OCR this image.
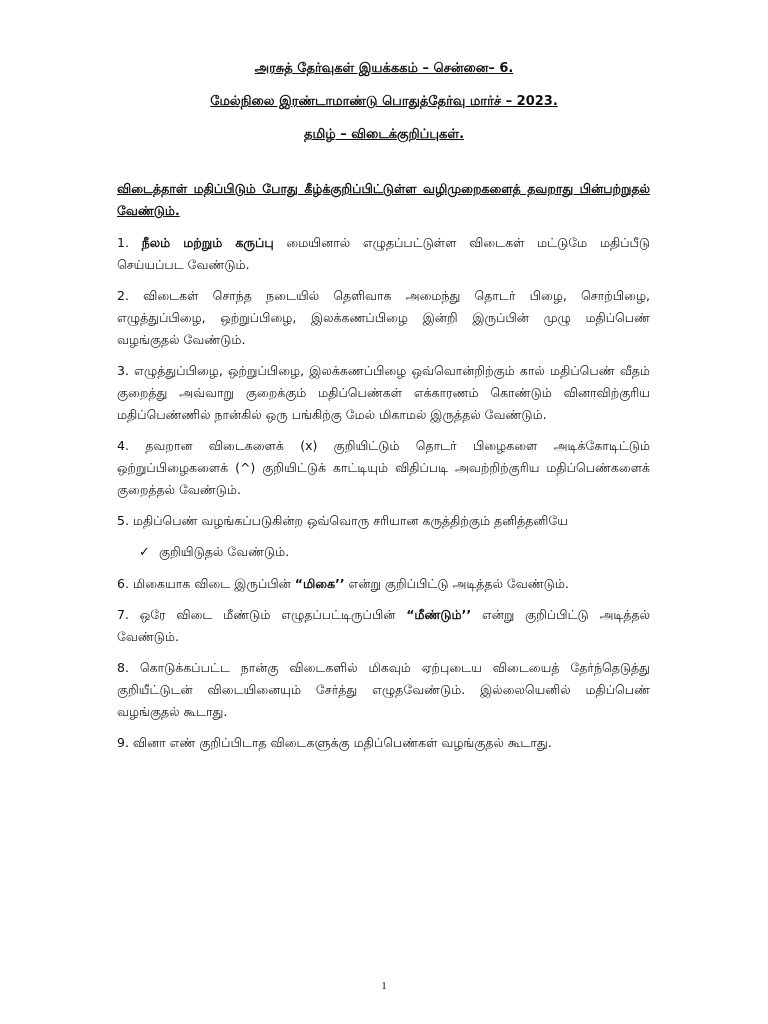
அரசுத் தேர்வுகள் இயக்ககம் – சென்னை– 6.

மேல்நிலை இரண்டாமாண்டு பொதுத்தேர்வு மார்ச் – 2023.

தமிழ் – விடைக்குறிப்புகள்.

விடைத்தாள் மதிப்பிடும் போது கீழ்க்குறிப்பிட்டுள்ள வழிமுறைகளைத் தவறாது பின்பற்றுதல் வேண்டும்.

1. நீலம் மற்றும் கருப்பு மையினால் எழுதப்பட்டுள்ள விடைகள் மட்டுமே மதிப்பீடு செய்யப்பட வேண்டும்.

2. விடைகள் சொந்த நடையில் தெளிவாக அமைந்து தொடர் பிழை, சொற்பிழை, எழுத்துப்பிழை, ஒற்றுப்பிழை, இலக்கணப்பிழை இன்றி இருப்பின் முழு மதிப்பெண் வழங்குதல் வேண்டும்.

3. எழுத்துப்பிழை, ஒற்றுப்பிழை, இலக்கணப்பிழை ஒவ்வொன்றிற்கும் கால் மதிப்பெண் வீதம் குறைத்து அவ்வாறு குறைக்கும் மதிப்பெண்கள் எக்காரணம் கொண்டும் வினாவிற்குரிய மதிப்பெண்ணில் நான்கில் ஒரு பங்கிற்கு மேல் மிகாமல் இருத்தல் வேண்டும்.

4. தவறான விடைகளைக் (x) குறியிட்டும் தொடர் பிழைகளை அடிக்கோடிட்டும் ஒற்றுப்பிழைகளைக் (^) குறியிட்டுக் காட்டியும் விதிப்படி அவற்றிற்குரிய மதிப்பெண்களைக் குறைத்தல் வேண்டும்.

5. மதிப்பெண் வழங்கப்படுகின்ற ஒவ்வொரு சரியான கருத்திற்கும் தனித்தனியே

✓ குறியிடுதல் வேண்டும்.

6. மிகையாக விடை இருப்பின் “மிகை’’ என்று குறிப்பிட்டு அடித்தல் வேண்டும்.

7. ஒரே விடை மீண்டும் எழுதப்பட்டிருப்பின் “மீண்டும்’’ என்று குறிப்பிட்டு அடித்தல் வேண்டும்.

8. கொடுக்கப்பட்ட நான்கு விடைகளில் மிகவும் ஏற்புடைய விடையைத் தேர்ந்தெடுத்து குறியீட்டுடன் விடையினையும் சேர்த்து எழுதவேண்டும். இல்லையெனில் மதிப்பெண் வழங்குதல் கூடாது.

9. வினா எண் குறிப்பிடாத விடைகளுக்கு மதிப்பெண்கள் வழங்குதல் கூடாது.

1
